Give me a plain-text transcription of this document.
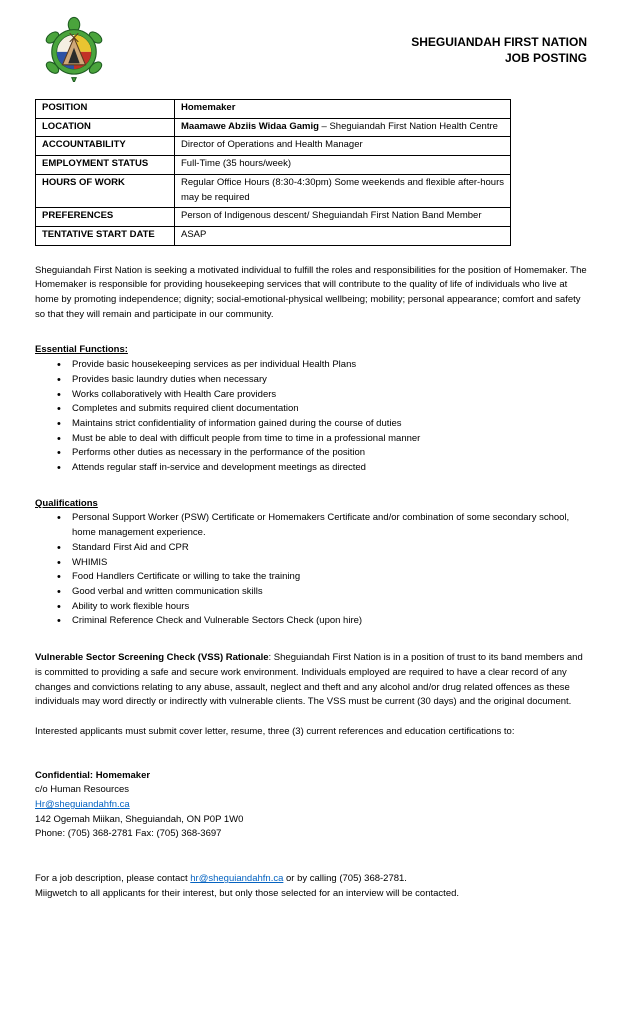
SHEGUIANDAH FIRST NATION
JOB POSTING
POSITION	Homemaker
LOCATION	Maamawe Abziis Widaa Gamig – Sheguiandah First Nation Health Centre
ACCOUNTABILITY	Director of Operations and Health Manager
EMPLOYMENT STATUS	Full-Time (35 hours/week)
HOURS OF WORK	Regular Office Hours (8:30-4:30pm) Some weekends and flexible after-hours may be required
PREFERENCES	Person of Indigenous descent/ Sheguiandah First Nation Band Member
TENTATIVE START DATE	ASAP

Sheguiandah First Nation is seeking a motivated individual to fulfill the roles and responsibilities for the position of Homemaker. The Homemaker is responsible for providing housekeeping services that will contribute to the quality of life of individuals who live at home by promoting independence; dignity; social-emotional-physical wellbeing; mobility; personal appearance; comfort and safety so that they will remain and participate in our community.

Essential Functions:
• Provide basic housekeeping services as per individual Health Plans
• Provides basic laundry duties when necessary
• Works collaboratively with Health Care providers
• Completes and submits required client documentation
• Maintains strict confidentiality of information gained during the course of duties
• Must be able to deal with difficult people from time to time in a professional manner
• Performs other duties as necessary in the performance of the position
• Attends regular staff in-service and development meetings as directed
Qualifications
• Personal Support Worker (PSW) Certificate or Homemakers Certificate and/or combination of some secondary school, home management experience.
• Standard First Aid and CPR
• WHIMIS
• Food Handlers Certificate or willing to take the training
• Good verbal and written communication skills
• Ability to work flexible hours
• Criminal Reference Check and Vulnerable Sectors Check (upon hire)

Vulnerable Sector Screening Check (VSS) Rationale: Sheguiandah First Nation is in a position of trust to its band members and is committed to providing a safe and secure work environment. Individuals employed are required to have a clear record of any changes and convictions relating to any abuse, assault, neglect and theft and any alcohol and/or drug related offences as these individuals may word directly or indirectly with vulnerable clients. The VSS must be current (30 days) and the original document.

Interested applicants must submit cover letter, resume, three (3) current references and education certifications to:

Confidential: Homemaker
c/o Human Resources
Hr@sheguiandahfn.ca
142 Ogemah Miikan, Sheguiandah, ON P0P 1W0
Phone: (705) 368-2781 Fax: (705) 368-3697
For a job description, please contact hr@sheguiandahfn.ca or by calling (705) 368-2781.
Miigwetch to all applicants for their interest, but only those selected for an interview will be contacted.
